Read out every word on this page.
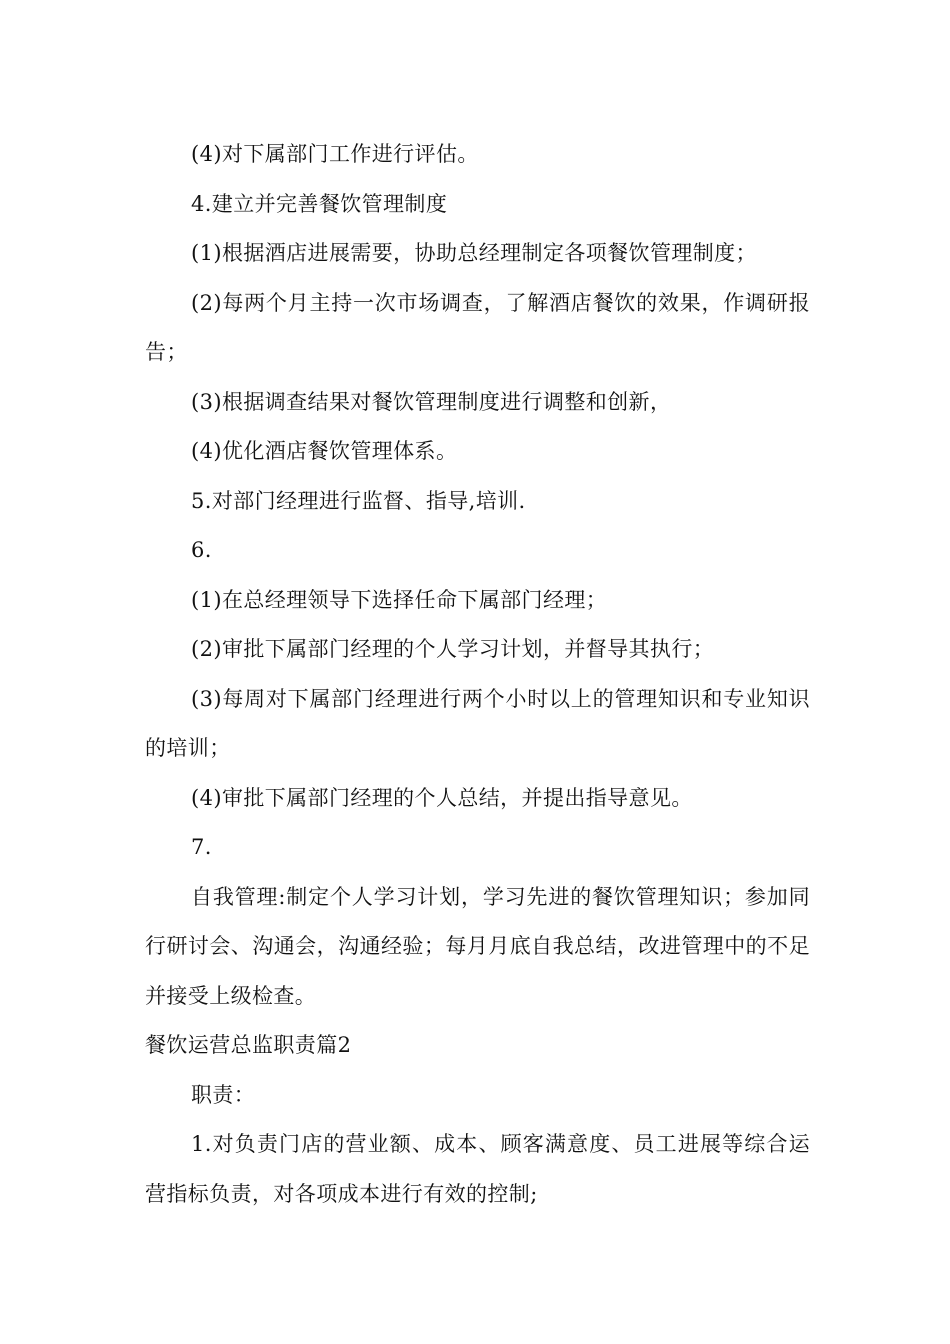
(4)对下属部门工作进行评估。

4.建立并完善餐饮管理制度

(1)根据酒店进展需要，协助总经理制定各项餐饮管理制度；

(2)每两个月主持一次市场调查，了解酒店餐饮的效果，作调研报告；

(3)根据调查结果对餐饮管理制度进行调整和创新，

(4)优化酒店餐饮管理体系。

5.对部门经理进行监督、指导,培训.

6.

(1)在总经理领导下选择任命下属部门经理；

(2)审批下属部门经理的个人学习计划，并督导其执行；

(3)每周对下属部门经理进行两个小时以上的管理知识和专业知识的培训；

(4)审批下属部门经理的个人总结，并提出指导意见。

7.

自我管理:制定个人学习计划，学习先进的餐饮管理知识；参加同行研讨会、沟通会，沟通经验；每月月底自我总结，改进管理中的不足并接受上级检查。

餐饮运营总监职责篇2

职责：

1.对负责门店的营业额、成本、顾客满意度、员工进展等综合运营指标负责，对各项成本进行有效的控制;
